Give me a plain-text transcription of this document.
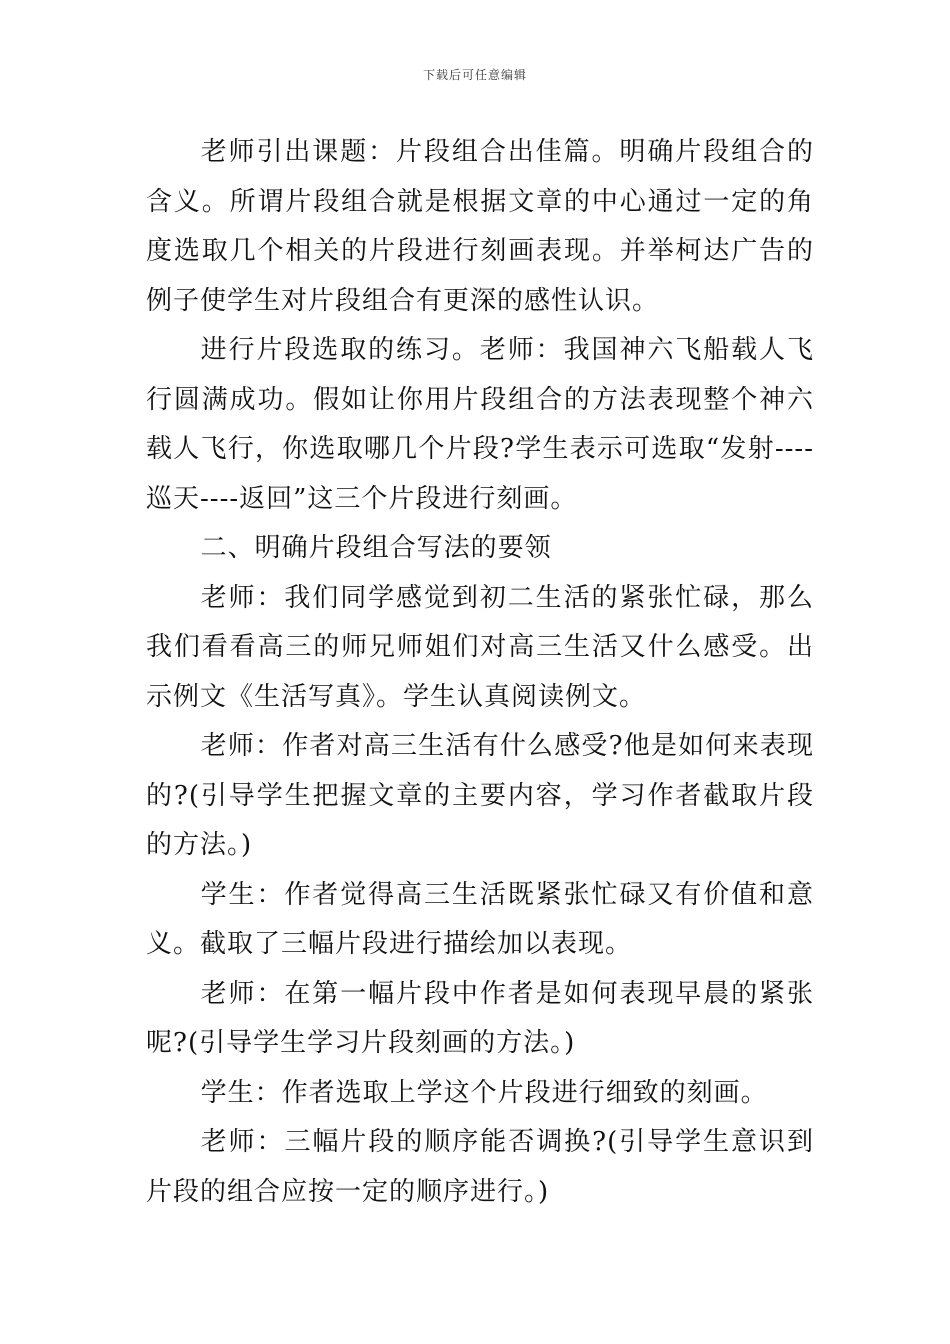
下载后可任意编辑

老师引出课题：片段组合出佳篇。明确片段组合的含义。所谓片段组合就是根据文章的中心通过一定的角度选取几个相关的片段进行刻画表现。并举柯达广告的例子使学生对片段组合有更深的感性认识。

进行片段选取的练习。老师：我国神六飞船载人飞行圆满成功。假如让你用片段组合的方法表现整个神六载人飞行，你选取哪几个片段?学生表示可选取“发射----巡天----返回”这三个片段进行刻画。

二、明确片段组合写法的要领

老师：我们同学感觉到初二生活的紧张忙碌，那么我们看看高三的师兄师姐们对高三生活又什么感受。出示例文《生活写真》。学生认真阅读例文。

老师：作者对高三生活有什么感受?他是如何来表现的?(引导学生把握文章的主要内容，学习作者截取片段的方法。)

学生：作者觉得高三生活既紧张忙碌又有价值和意义。截取了三幅片段进行描绘加以表现。

老师：在第一幅片段中作者是如何表现早晨的紧张呢?(引导学生学习片段刻画的方法。)

学生：作者选取上学这个片段进行细致的刻画。

老师：三幅片段的顺序能否调换?(引导学生意识到片段的组合应按一定的顺序进行。)
